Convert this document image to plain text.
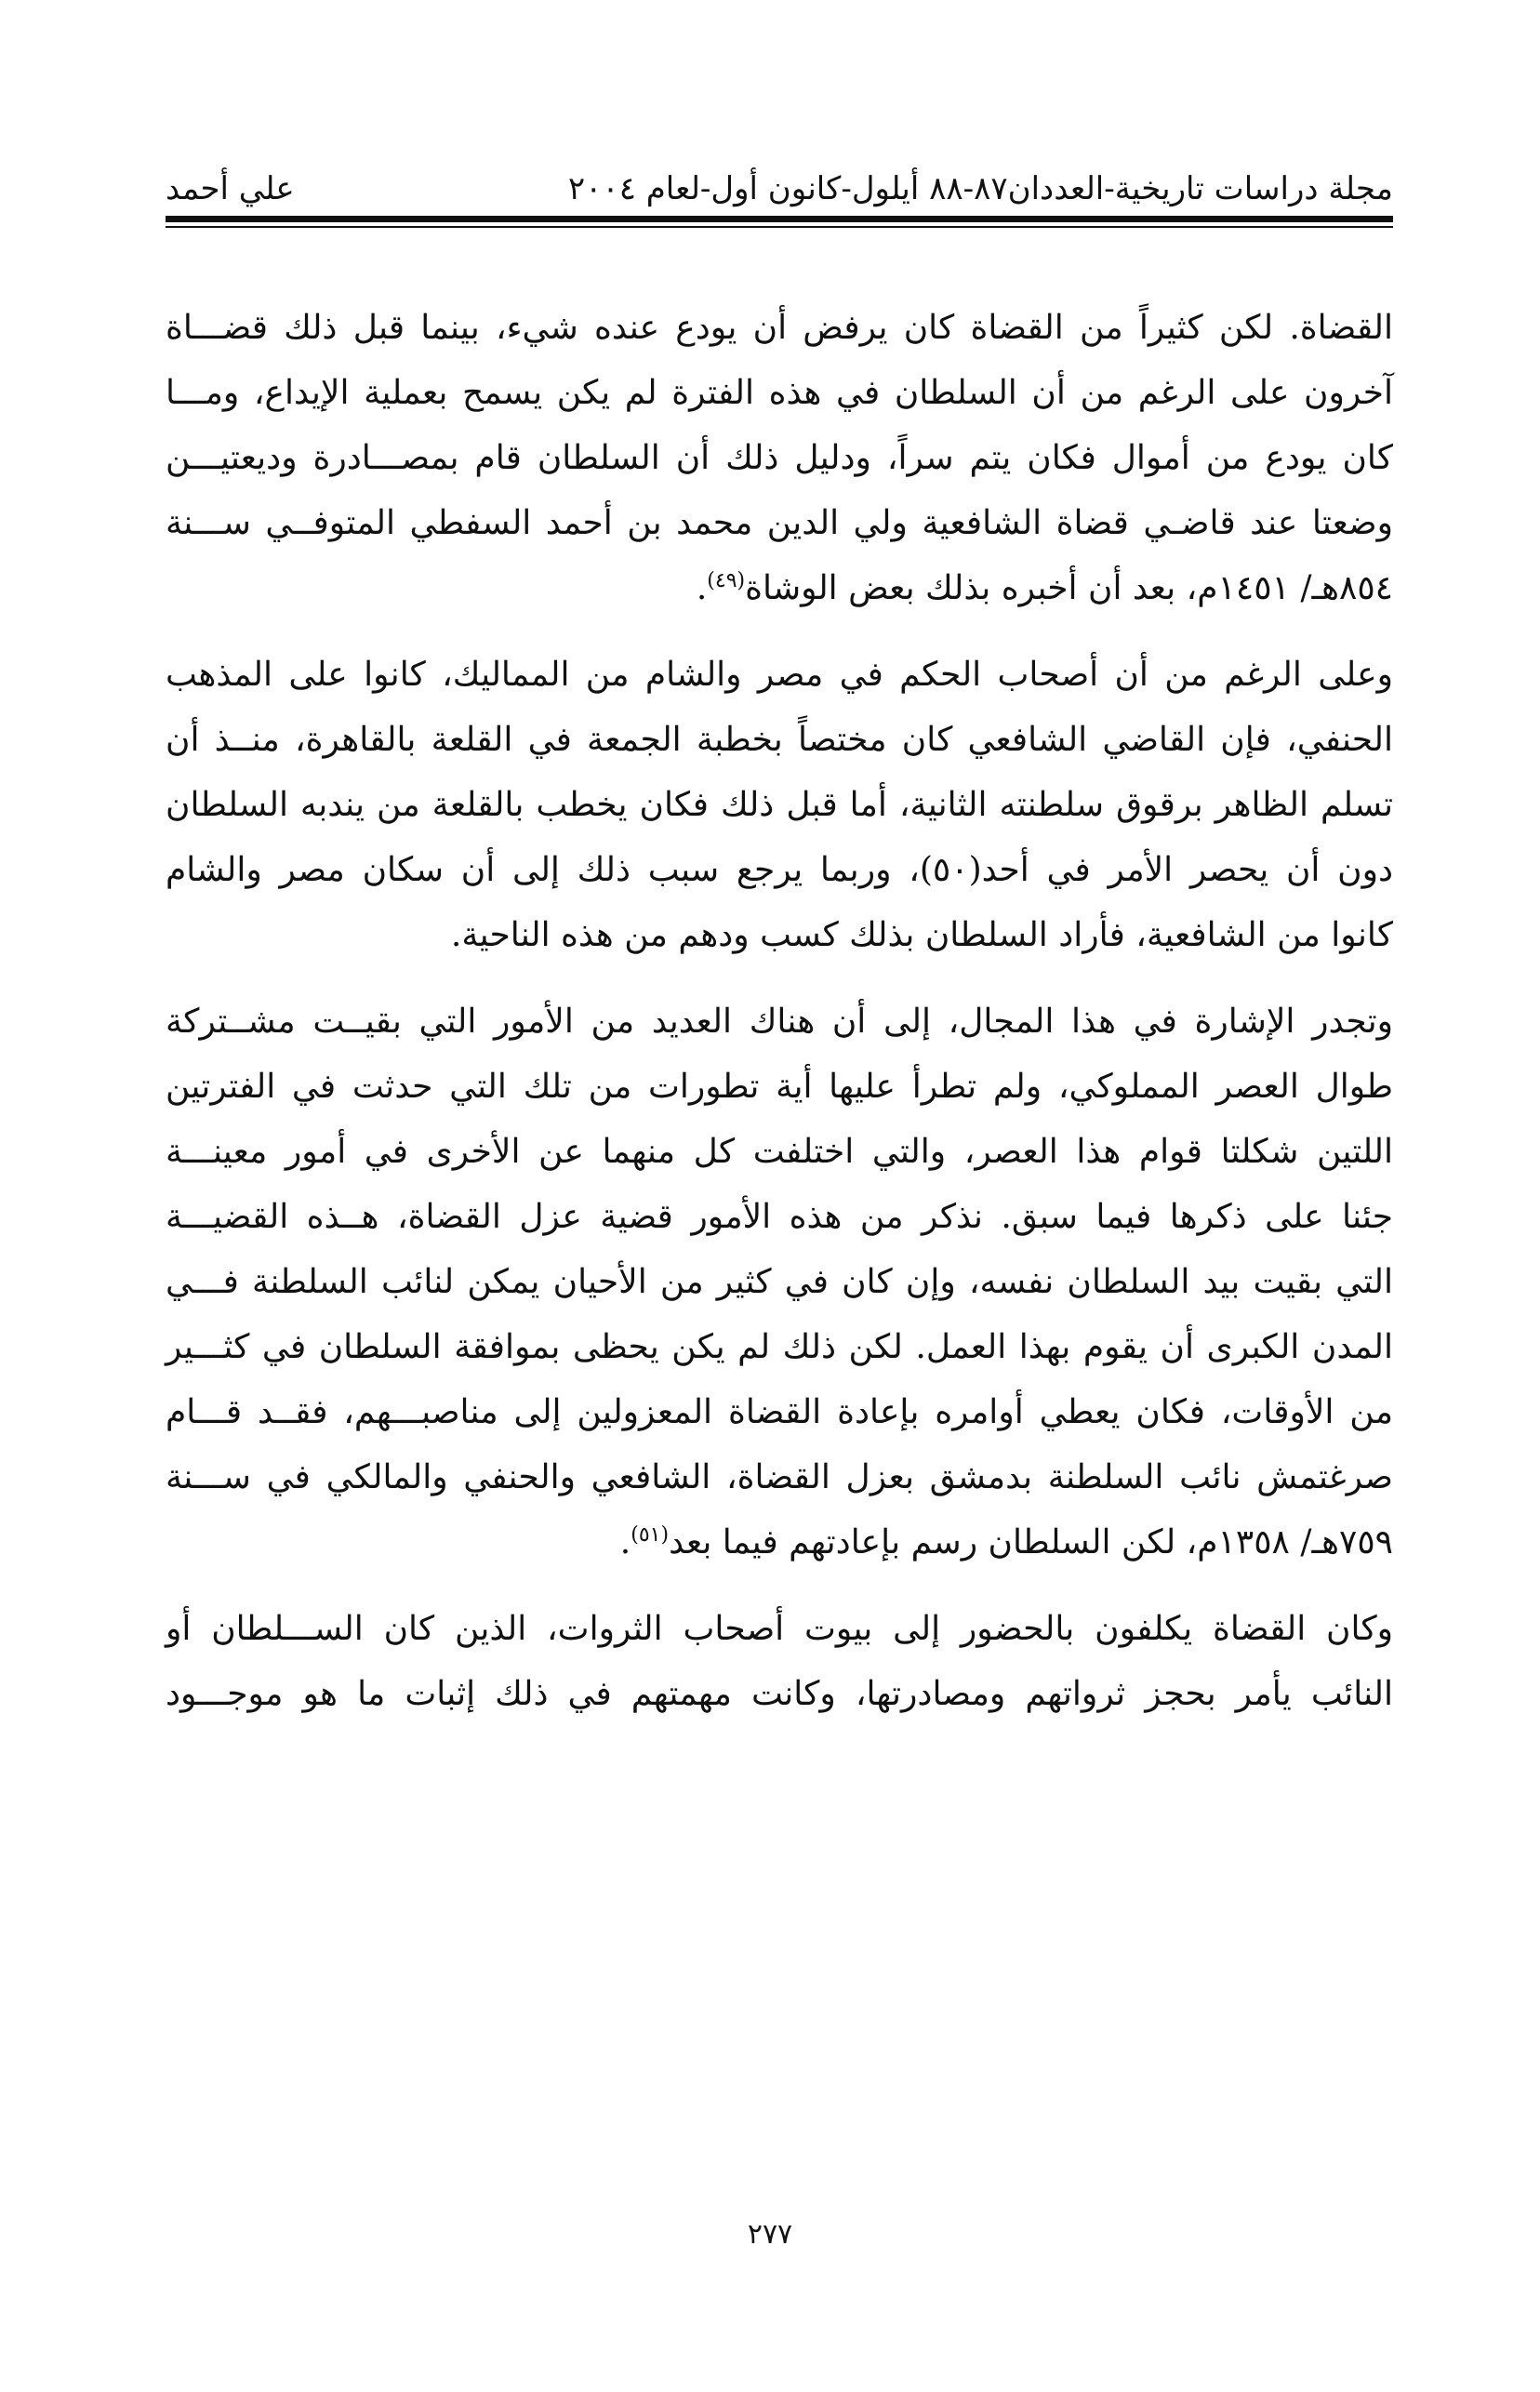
مجلة دراسات تاريخية-العددان٨٧-٨٨ أيلول-كانون أول-لعام ٢٠٠٤
علي أحمد

القضاة. لكن كثيراً من القضاة كان يرفض أن يودع عنده شيء، بينما قبل ذلك قضـــاة
آخرون على الرغم من أن السلطان في هذه الفترة لم يكن يسمح بعملية الإيداع، ومـــا
كان يودع من أموال فكان يتم سراً، ودليل ذلك أن السلطان قام بمصـــادرة وديعتيـــن
وضعتا عند قاضـي قضاة الشافعية ولي الدين محمد بن أحمد السفطي المتوفــي ســـنة
٨٥٤هـ/ ١٤٥١م، بعد أن أخبره بذلك بعض الوشاة$^{(٤٩)}$.

وعلى الرغم من أن أصحاب الحكم في مصر والشام من المماليك، كانوا على المذهب
الحنفي، فإن القاضي الشافعي كان مختصاً بخطبة الجمعة في القلعة بالقاهرة، منــذ أن
تسلم الظاهر برقوق سلطنته الثانية، أما قبل ذلك فكان يخطب بالقلعة من يندبه السلطان
دون أن يحصر الأمر في أحد(٥٠)، وربما يرجع سبب ذلك إلى أن سكان مصر والشام
كانوا من الشافعية، فأراد السلطان بذلك كسب ودهم من هذه الناحية.

وتجدر الإشارة في هذا المجال، إلى أن هناك العديد من الأمور التي بقيــت مشــتركة
طوال العصر المملوكي، ولم تطرأ عليها أية تطورات من تلك التي حدثت في الفترتين
اللتين شكلتا قوام هذا العصر، والتي اختلفت كل منهما عن الأخرى في أمور معينـــة
جئنا على ذكرها فيما سبق. نذكر من هذه الأمور قضية عزل القضاة، هــذه القضيـــة
التي بقيت بيد السلطان نفسه، وإن كان في كثير من الأحيان يمكن لنائب السلطنة فـــي
المدن الكبرى أن يقوم بهذا العمل. لكن ذلك لم يكن يحظى بموافقة السلطان في كثـــير
من الأوقات، فكان يعطي أوامره بإعادة القضاة المعزولين إلى مناصبـــهم، فقــد قـــام
صرغتمش نائب السلطنة بدمشق بعزل القضاة، الشافعي والحنفي والمالكي في ســـنة
٧٥٩هـ/ ١٣٥٨م، لكن السلطان رسم بإعادتهم فيما بعد$^{(٥١)}$.

وكان القضاة يكلفون بالحضور إلى بيوت أصحاب الثروات، الذين كان الســـلطان أو
النائب يأمر بحجز ثرواتهم ومصادرتها، وكانت مهمتهم في ذلك إثبات ما هو موجـــود

٢٧٧
